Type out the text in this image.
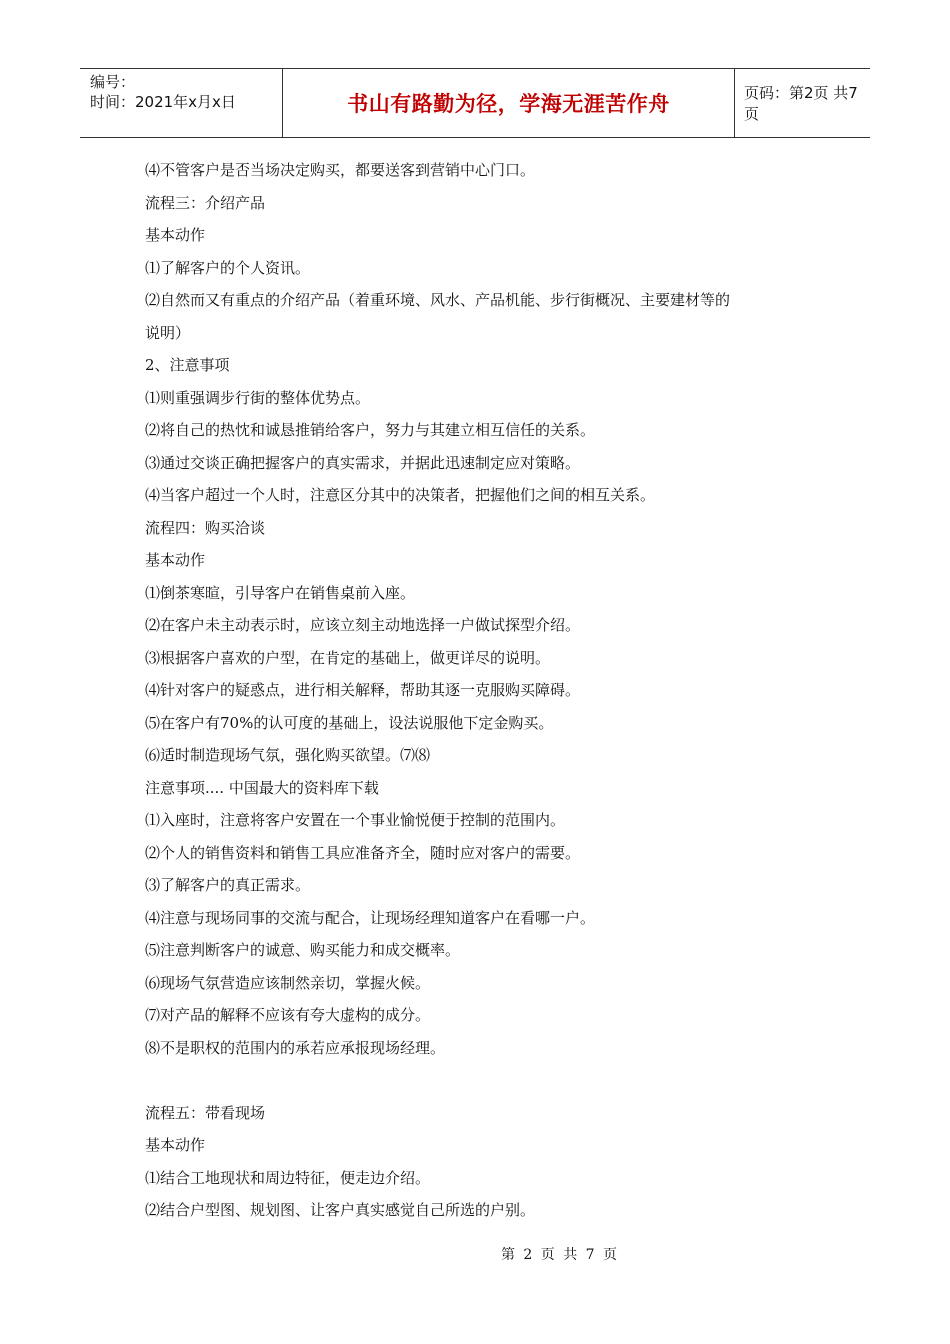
编号：
时间：2021年x月x日	书山有路勤为径，学海无涯苦作舟	页码：第2页 共7页
⑷不管客户是否当场决定购买，都要送客到营销中心门口。
流程三：介绍产品
基本动作
⑴了解客户的个人资讯。
⑵自然而又有重点的介绍产品（着重环境、风水、产品机能、步行街概况、主要建材等的
说明）
2、注意事项
⑴则重强调步行街的整体优势点。
⑵将自己的热忱和诚恳推销给客户，努力与其建立相互信任的关系。
⑶通过交谈正确把握客户的真实需求，并据此迅速制定应对策略。
⑷当客户超过一个人时，注意区分其中的决策者，把握他们之间的相互关系。
流程四：购买洽谈
基本动作
⑴倒茶寒暄，引导客户在销售桌前入座。
⑵在客户未主动表示时，应该立刻主动地选择一户做试探型介绍。
⑶根据客户喜欢的户型，在肯定的基础上，做更详尽的说明。
⑷针对客户的疑惑点，进行相关解释，帮助其逐一克服购买障碍。
⑸在客户有70%的认可度的基础上，设法说服他下定金购买。
⑹适时制造现场气氛，强化购买欲望。⑺⑻
注意事项.... 中国最大的资料库下载
⑴入座时，注意将客户安置在一个事业愉悦便于控制的范围内。
⑵个人的销售资料和销售工具应准备齐全，随时应对客户的需要。
⑶了解客户的真正需求。
⑷注意与现场同事的交流与配合，让现场经理知道客户在看哪一户。
⑸注意判断客户的诚意、购买能力和成交概率。
⑹现场气氛营造应该制然亲切，掌握火候。
⑺对产品的解释不应该有夸大虚构的成分。
⑻不是职权的范围内的承若应承报现场经理。
流程五：带看现场
基本动作
⑴结合工地现状和周边特征，便走边介绍。
⑵结合户型图、规划图、让客户真实感觉自己所选的户别。
第 2 页 共 7 页
